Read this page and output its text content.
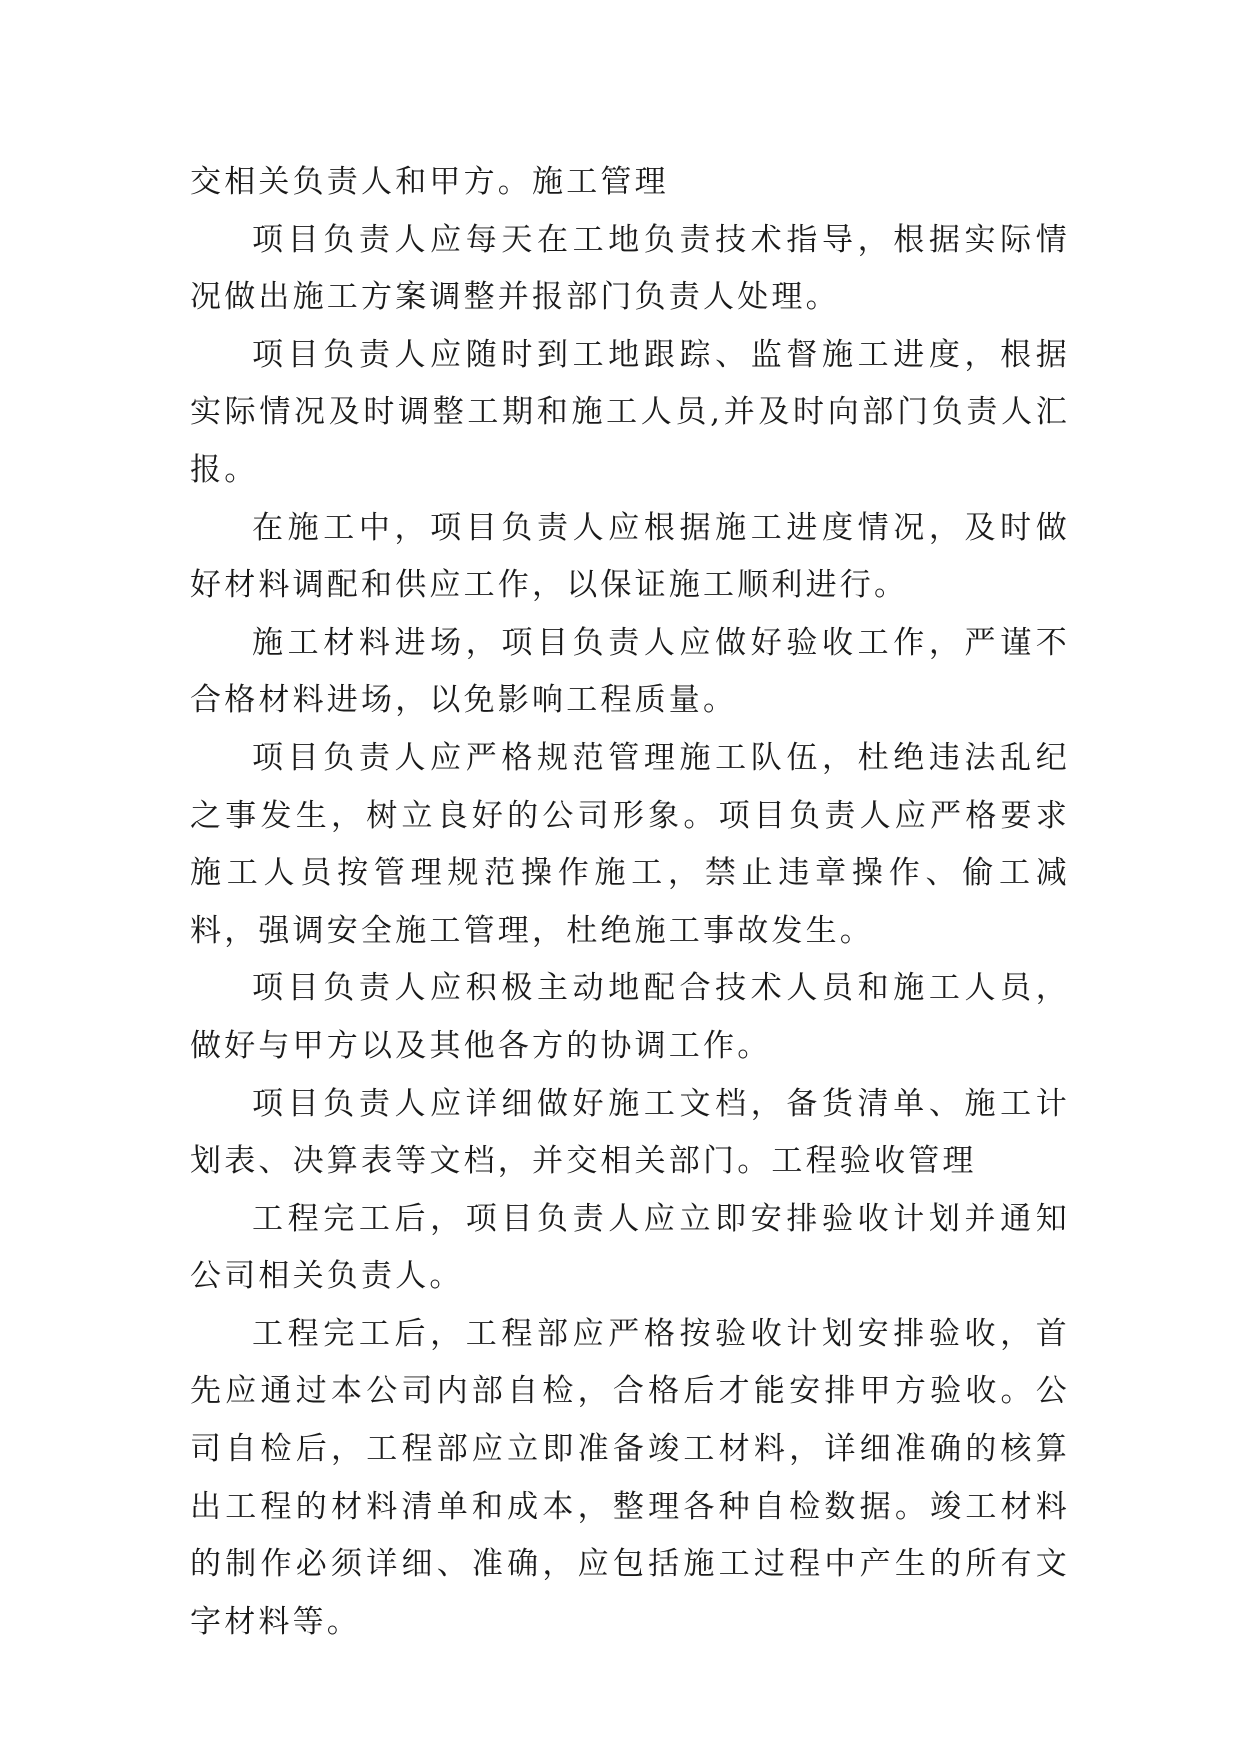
交相关负责人和甲方。施工管理

项目负责人应每天在工地负责技术指导，根据实际情况做出施工方案调整并报部门负责人处理。

项目负责人应随时到工地跟踪、监督施工进度，根据实际情况及时调整工期和施工人员,并及时向部门负责人汇报。

在施工中，项目负责人应根据施工进度情况，及时做好材料调配和供应工作，以保证施工顺利进行。

施工材料进场，项目负责人应做好验收工作，严谨不合格材料进场，以免影响工程质量。

项目负责人应严格规范管理施工队伍，杜绝违法乱纪之事发生，树立良好的公司形象。项目负责人应严格要求施工人员按管理规范操作施工，禁止违章操作、偷工减料，强调安全施工管理，杜绝施工事故发生。

项目负责人应积极主动地配合技术人员和施工人员，做好与甲方以及其他各方的协调工作。

项目负责人应详细做好施工文档，备货清单、施工计划表、决算表等文档，并交相关部门。工程验收管理

工程完工后，项目负责人应立即安排验收计划并通知公司相关负责人。

工程完工后，工程部应严格按验收计划安排验收，首先应通过本公司内部自检，合格后才能安排甲方验收。公司自检后，工程部应立即准备竣工材料，详细准确的核算出工程的材料清单和成本，整理各种自检数据。竣工材料的制作必须详细、准确，应包括施工过程中产生的所有文字材料等。
